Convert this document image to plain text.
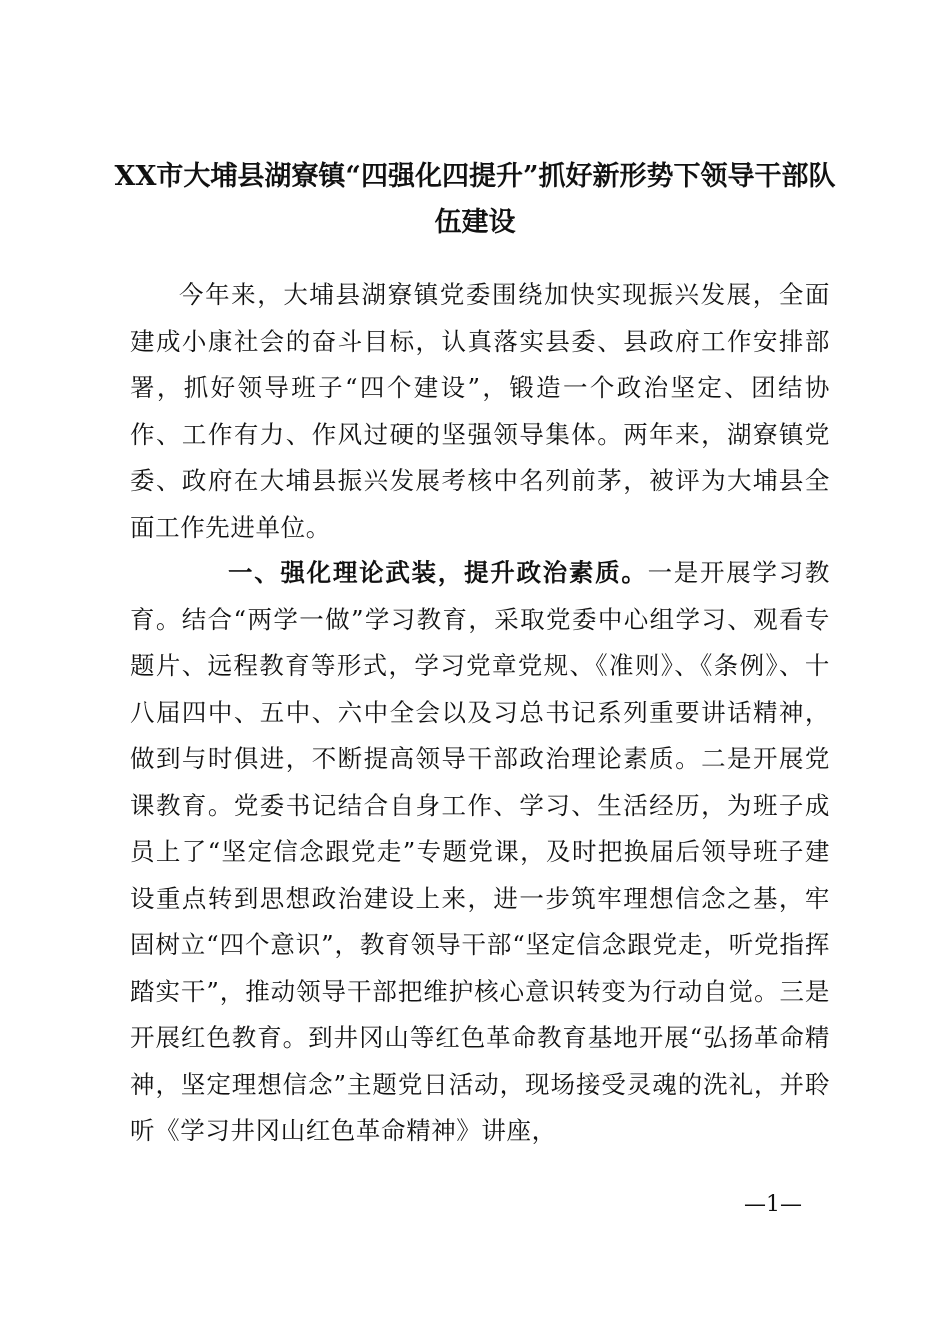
XX市大埔县湖寮镇“四强化四提升”抓好新形势下领导干部队伍建设

今年来，大埔县湖寮镇党委围绕加快实现振兴发展，全面建成小康社会的奋斗目标，认真落实县委、县政府工作安排部署，抓好领导班子“四个建设”，锻造一个政治坚定、团结协作、工作有力、作风过硬的坚强领导集体。两年来，湖寮镇党委、政府在大埔县振兴发展考核中名列前茅，被评为大埔县全面工作先进单位。

一、强化理论武装，提升政治素质。一是开展学习教育。结合“两学一做”学习教育，采取党委中心组学习、观看专题片、远程教育等形式，学习党章党规、《准则》、《条例》、十八届四中、五中、六中全会以及习总书记系列重要讲话精神，做到与时俱进，不断提高领导干部政治理论素质。二是开展党课教育。党委书记结合自身工作、学习、生活经历，为班子成员上了“坚定信念跟党走”专题党课，及时把换届后领导班子建设重点转到思想政治建设上来，进一步筑牢理想信念之基，牢固树立“四个意识”，教育领导干部“坚定信念跟党走，听党指挥踏实干”，推动领导干部把维护核心意识转变为行动自觉。三是开展红色教育。到井冈山等红色革命教育基地开展“弘扬革命精神，坚定理想信念”主题党日活动，现场接受灵魂的洗礼，并聆听《学习井冈山红色革命精神》讲座，

—1—
